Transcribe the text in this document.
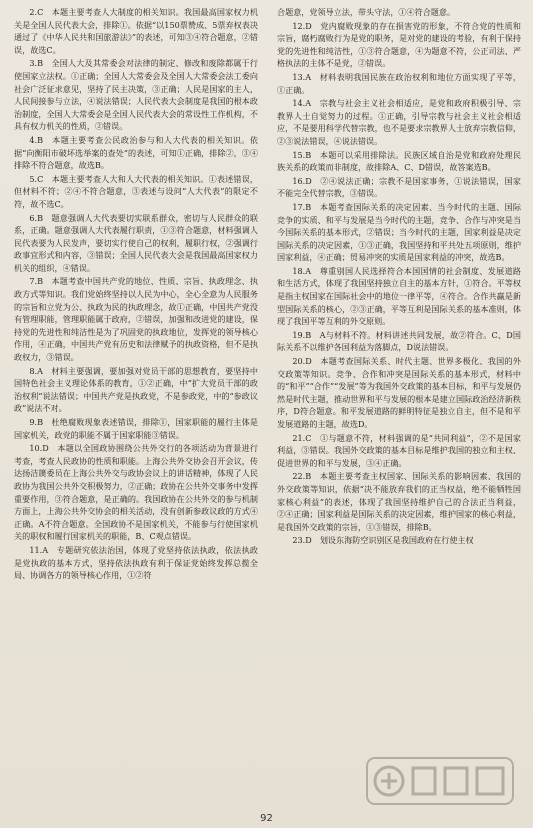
2.C　本题主要考查人大制度的相关知识。我国最高国家权力机关是全国人民代表大会，排除①。依据“以150票赞成、5票弃权表决通过了《中华人民共和国旅游法》”的表述，可知③④符合题意，②错误，故选C。

3.B　全国人大及其常委会对法律的制定、修改和废除都属于行使国家立法权。①正确；全国人大常委会及全国人大常委会法工委向社会广泛征求意见，坚持了民主决策，③正确；人民是国家的主人，人民间接参与立法，④说法错误；人民代表大会制度是我国的根本政治制度，全国人大常委会是全国人民代表大会的常设性工作机构，不具有权力机关的性质，②错误。

4.B　本题主要考查公民政治参与和人大代表的相关知识。依据“向衡阳市破坏选举案的查处”的表述，可知①正确，排除②，③④排除不符合题意，故选B。

5.C　本题主要考查人大和人大代表的相关知识。①表述错误，但材料不符；②④不符合题意，③表述与设问“人大代表”的限定不符，故不选C。

6.B　题意强调人大代表要切实联系群众，密切与人民群众的联系，正确。题意强调人大代表履行职责，①③符合题意，材料强调人民代表要为人民发声，要切实行使自己的权利，履职行权，②强调行政事宜形式和内容，③错误；全国人民代表大会是我国最高国家权力机关的组织，④错误。

7.B　本题考查中国共产党的地位、性质、宗旨、执政理念、执政方式等知识。我们党始终坚持以人民为中心，全心全意为人民服务的宗旨和立党为公、执政为民的执政理念，故①正确，中国共产党没有管理职能，管理职能属于政府，②错误，加强和改进党的建设，保持党的先进性和纯洁性是为了巩固党的执政地位，发挥党的领导核心作用，④正确，中国共产党有历史和法律赋予的执政资格，但不是执政权力，③错误。

8.A　材料主要强调，要加强对党员干部的思想教育，要坚持中国特色社会主义理论体系的教育，①②正确，中“扩大党员干部的政治权利”说法错误；中国共产党是执政党，不是参政党，中的“参政议政”说法不对。

9.B　杜绝腐败现象表述错误，排除①，国家职能的履行主体是国家机关，政党的职能不属于国家职能③错误。

10.D　本题以全国政协围绕公共外交行的各项活动为背景进行考查，考查人民政协的性质和职能。上海公共外交协会召开会议，传达扬洁篪委员在上海公共外交与政协会议上的讲话精神，体现了人民政协为我国公共外交积极努力，②正确；政协在公共外交事务中发挥重要作用，③符合题意，是正确的。我国政协在公共外交的参与机制方面上，上海公共外交协会的相关活动，没有创新参政议政的方式④正确。A不符合题意。全国政协不是国家机关，不能参与行使国家机关的职权和履行国家机关的职能，B、C观点错误。

11.A　专题研究依法治国，体现了党坚持依法执政，依法执政是党执政的基本方式，坚持依法执政有利于保证党始终发挥总揽全局、协调各方的领导核心作用，①②符

合题意，党领导立法，带头守法，①④符合题意。

12.D　党内腐败现象的存在损害党的形象，不符合党的性质和宗旨，腐朽腐败行为是党的职务，是对党的建设的考验，有利于保持党的先进性和纯洁性，①③符合题意，④为题意不符，公正司法、严格执法的主体不是党，②错误。

13.A　材料表明我国民族在政治权利和地位方面实现了平等，①正确。

14.A　宗教与社会主义社会相适应，是党和政府积极引导、宗教界人士自觉努力的过程。①正确，引导宗教与社会主义社会相适应，不是要用科学代替宗教，也不是要求宗教界人士放弃宗教信仰，②③说法错误，④说法错误。

15.B　本题可以采用排除法。民族区域自治是党和政府处理民族关系的政策而非制度，故排除A、C、D错误，故答案选B。

16.D　②④说法正确；宗教不是国家事务，①说法错误，国家不能完全代替宗教，③错误。

17.B　本题考查国际关系的决定因素、当今时代的主题、国际竞争的实质、和平与发展是当今时代的主题，竞争、合作与冲突是当今国际关系的基本形式，②错误；当今时代的主题，国家利益是决定国际关系的决定因素，①③正确，我国坚持和平共处五项原则，维护国家利益，④正确；贸易冲突的实质是国家利益的冲突，故选B。

18.A　尊重别国人民选择符合本国国情的社会制度、发展道路和生活方式，体现了我国坚持独立自主的基本方针，①符合。平等权是指主权国家在国际社会中的地位一律平等，④符合。合作共赢是新型国际关系的核心，②③正确，平等互利是国际关系的基本准则，体现了我国平等互利的外交原则。

19.B　A与材料不符。材料讲述共同发展，故②符合。C、D国际关系不以维护各国利益为落脚点，D说法错误。

20.D　本题考查国际关系、时代主题、世界多极化、我国的外交政策等知识。竞争、合作和冲突是国际关系的基本形式，材料中的“和平”“合作”“发展”等为我国外交政策的基本目标，和平与发展仍然是时代主题，推动世界和平与发展的根本是建立国际政治经济新秩序，D符合题意。和平发展道路的鲜明特征是独立自主，但不是和平发展道路的主题，故选D。

21.C　①与题意不符，材料强调的是“共同利益”，②不是国家利益，③错误。我国外交政策的基本目标是维护我国的独立和主权、促进世界的和平与发展，③④正确。

22.B　本题主要考查主权国家、国际关系的影响因素、我国的外交政策等知识，依据“决不能放弃我们的正当权益，绝不能牺牲国家核心利益”的表述，体现了我国坚持维护自己的合法正当利益，②④正确；国家利益是国际关系的决定因素，维护国家的核心利益，是我国外交政策的宗旨，①③错误，排除B。

23.D　划设东海防空识别区是我国政府在行使主权

92
